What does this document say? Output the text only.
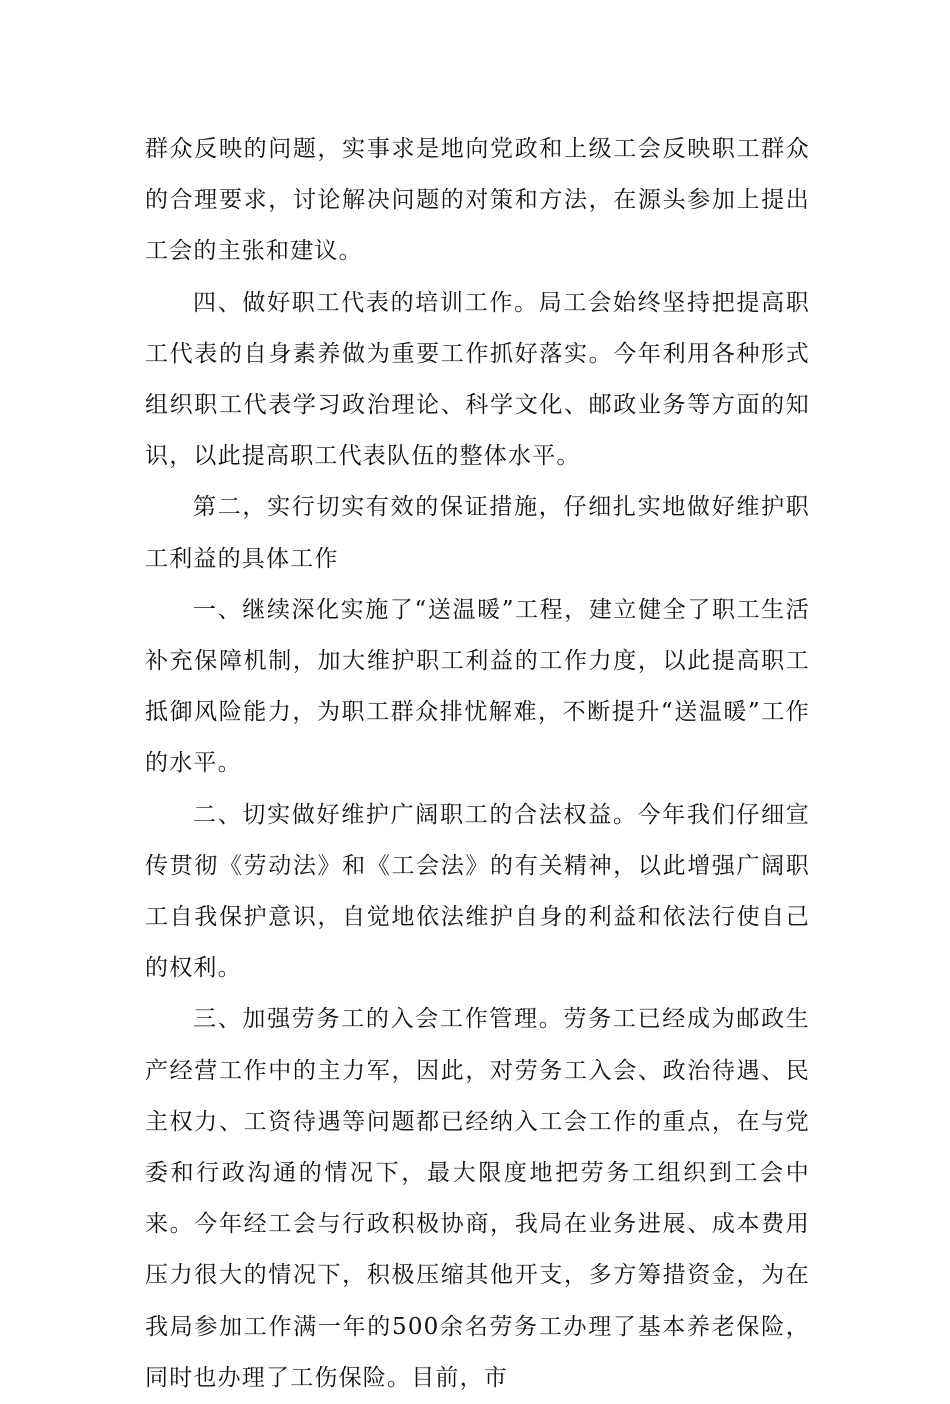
群众反映的问题，实事求是地向党政和上级工会反映职工群众的合理要求，讨论解决问题的对策和方法，在源头参加上提出工会的主张和建议。

四、做好职工代表的培训工作。局工会始终坚持把提高职工代表的自身素养做为重要工作抓好落实。今年利用各种形式组织职工代表学习政治理论、科学文化、邮政业务等方面的知识，以此提高职工代表队伍的整体水平。

第二，实行切实有效的保证措施，仔细扎实地做好维护职工利益的具体工作

一、继续深化实施了“送温暖”工程，建立健全了职工生活补充保障机制，加大维护职工利益的工作力度，以此提高职工抵御风险能力，为职工群众排忧解难，不断提升“送温暖”工作的水平。

二、切实做好维护广阔职工的合法权益。今年我们仔细宣传贯彻《劳动法》和《工会法》的有关精神，以此增强广阔职工自我保护意识，自觉地依法维护自身的利益和依法行使自己的权利。

三、加强劳务工的入会工作管理。劳务工已经成为邮政生产经营工作中的主力军，因此，对劳务工入会、政治待遇、民主权力、工资待遇等问题都已经纳入工会工作的重点，在与党委和行政沟通的情况下，最大限度地把劳务工组织到工会中来。今年经工会与行政积极协商，我局在业务进展、成本费用压力很大的情况下，积极压缩其他开支，多方筹措资金，为在我局参加工作满一年的500余名劳务工办理了基本养老保险，同时也办理了工伤保险。目前，市
